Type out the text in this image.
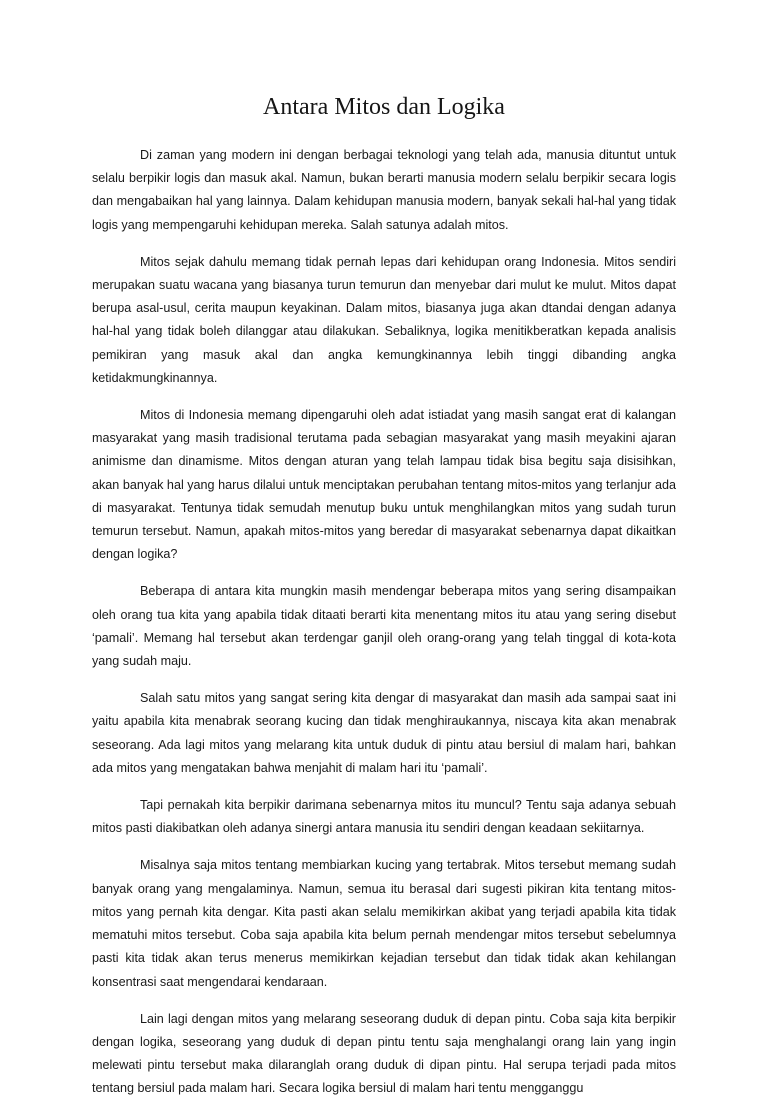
Antara Mitos dan Logika

Di zaman yang modern ini dengan berbagai teknologi yang telah ada, manusia dituntut untuk selalu berpikir logis dan masuk akal. Namun, bukan berarti manusia modern selalu berpikir secara logis dan mengabaikan hal yang lainnya. Dalam kehidupan manusia modern, banyak sekali hal-hal yang tidak logis yang mempengaruhi kehidupan mereka. Salah satunya adalah mitos.

Mitos sejak dahulu memang tidak pernah lepas dari kehidupan orang Indonesia. Mitos sendiri merupakan suatu wacana yang biasanya turun temurun dan menyebar dari mulut ke mulut. Mitos dapat berupa asal-usul, cerita maupun keyakinan. Dalam mitos, biasanya juga akan dtandai dengan adanya hal-hal yang tidak boleh dilanggar atau dilakukan. Sebaliknya, logika menitikberatkan kepada analisis pemikiran yang masuk akal dan angka kemungkinannya lebih tinggi dibanding angka ketidakmungkinannya.

Mitos di Indonesia memang dipengaruhi oleh adat istiadat yang masih sangat erat di kalangan masyarakat yang masih tradisional terutama pada sebagian masyarakat yang masih meyakini ajaran animisme dan dinamisme. Mitos dengan aturan yang telah lampau tidak bisa begitu saja disisihkan, akan banyak hal yang harus dilalui untuk menciptakan perubahan tentang mitos-mitos yang terlanjur ada di masyarakat. Tentunya tidak semudah menutup buku untuk menghilangkan mitos yang sudah turun temurun tersebut. Namun, apakah mitos-mitos yang beredar di masyarakat sebenarnya dapat dikaitkan dengan logika?

Beberapa di antara kita mungkin masih mendengar beberapa mitos yang sering disampaikan oleh orang tua kita yang apabila tidak ditaati berarti kita menentang mitos itu atau yang sering disebut ‘pamali’. Memang hal tersebut akan terdengar ganjil oleh orang-orang yang telah tinggal di kota-kota yang sudah maju.

Salah satu mitos yang sangat sering kita dengar di masyarakat dan masih ada sampai saat ini yaitu apabila kita menabrak seorang kucing dan tidak menghiraukannya, niscaya kita akan menabrak seseorang. Ada lagi mitos yang melarang kita untuk duduk di pintu atau bersiul di malam hari, bahkan ada mitos yang mengatakan bahwa menjahit di malam hari itu ‘pamali’.

Tapi pernakah kita berpikir darimana sebenarnya mitos itu muncul? Tentu saja adanya sebuah mitos pasti diakibatkan oleh adanya sinergi antara manusia itu sendiri dengan keadaan sekiitarnya.

Misalnya saja mitos tentang membiarkan kucing yang tertabrak. Mitos tersebut memang sudah banyak orang yang mengalaminya. Namun, semua itu berasal dari sugesti pikiran kita tentang mitos-mitos yang pernah kita dengar. Kita pasti akan selalu memikirkan akibat yang terjadi apabila kita tidak mematuhi mitos tersebut. Coba saja apabila kita belum pernah mendengar mitos tersebut sebelumnya pasti kita tidak akan terus menerus memikirkan kejadian tersebut dan tidak tidak akan kehilangan konsentrasi saat mengendarai kendaraan.

Lain lagi dengan mitos yang melarang seseorang duduk di depan pintu. Coba saja kita berpikir dengan logika, seseorang yang duduk di depan pintu tentu saja menghalangi orang lain yang ingin melewati pintu tersebut maka dilaranglah orang duduk di dipan pintu. Hal serupa terjadi pada mitos tentang bersiul pada malam hari. Secara logika bersiul di malam hari tentu mengganggu
